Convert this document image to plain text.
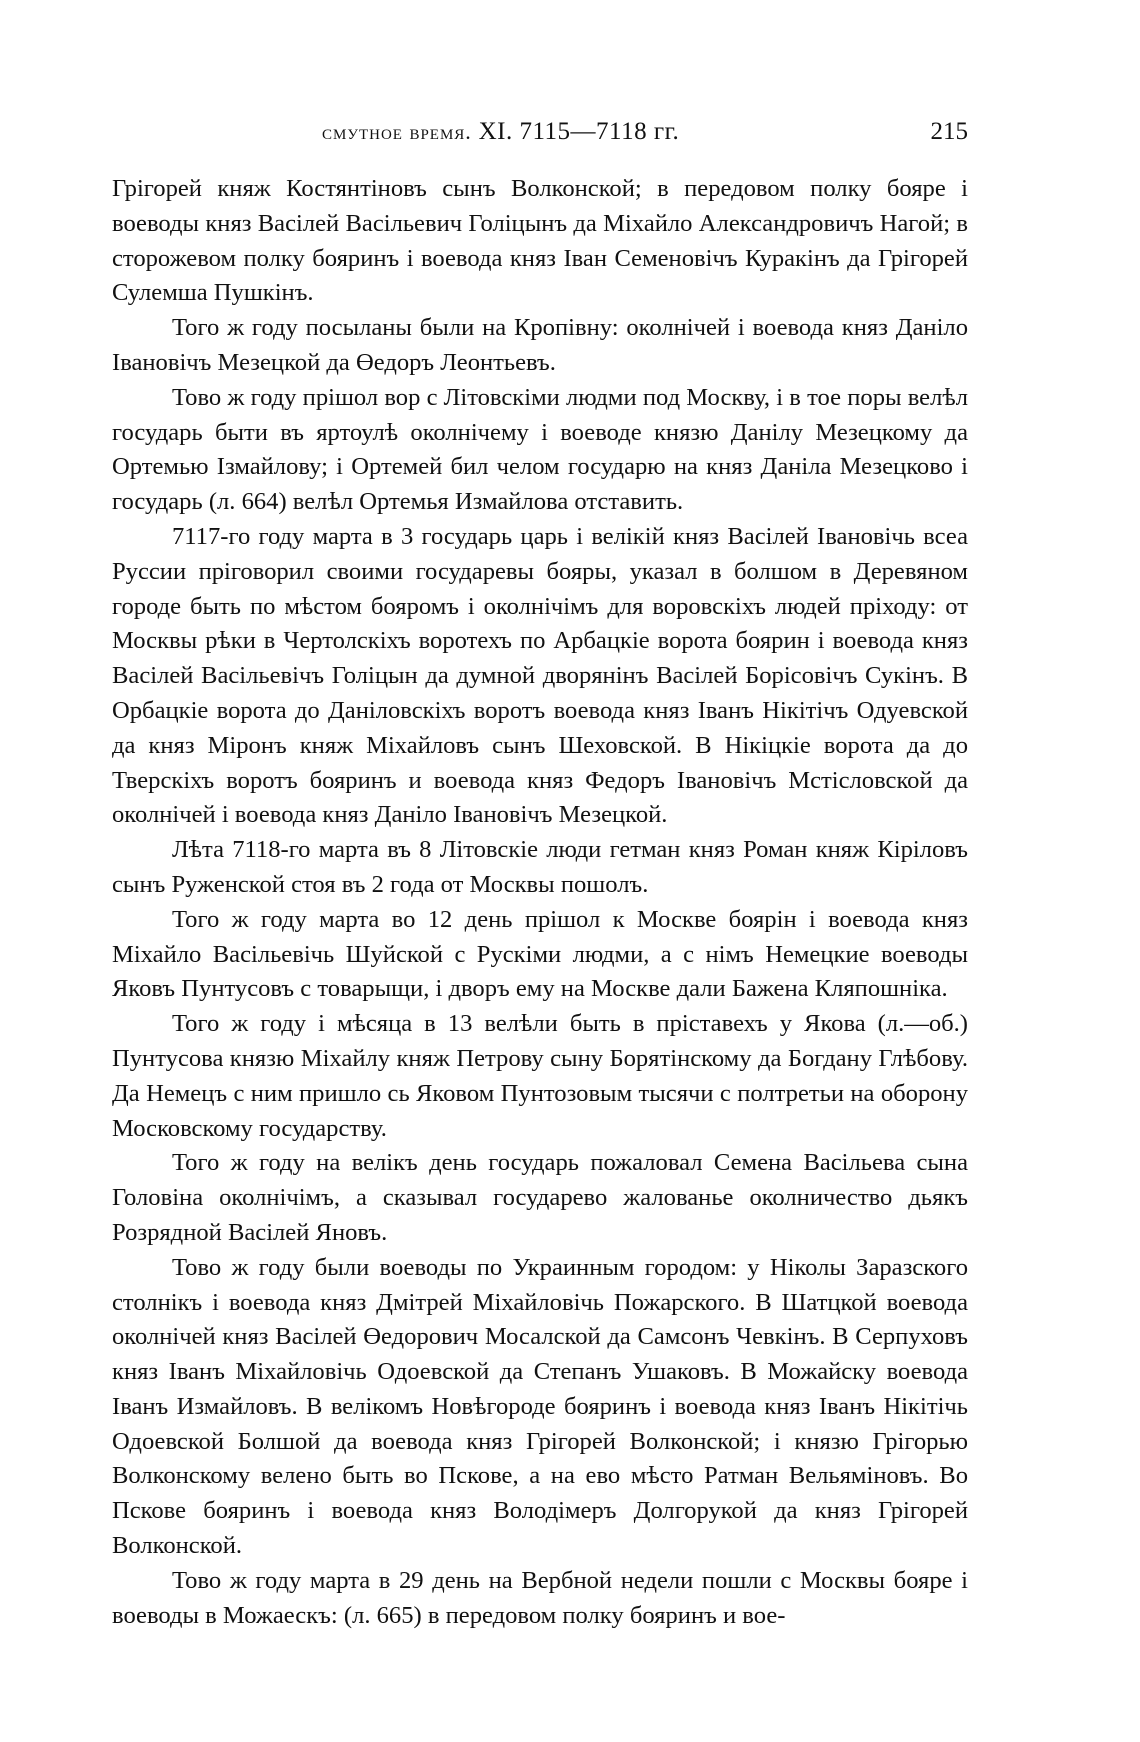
смутное время. XI. 7115—7118 гг.	215

Грігорей княж Костянтіновъ сынъ Волконской; в передовом полку бояре і воеводы княз Васілей Васільевич Голіцынъ да Міхайло Александровичъ Нагой; в сторожевом полку бояринъ і воевода княз Іван Семеновічъ Куракінъ да Грігорей Сулемша Пушкінъ.

Того ж году посыланы были на Кропівну: околнічей і воевода княз Даніло Івановічъ Мезецкой да Өедоръ Леонтьевъ.

Тово ж году прішол вор с Літовскіми людми под Москву, і в тое поры велѣл государь быти въ яртоулѣ околнічему і воеводе князю Данілу Мезецкому да Ортемью Ізмайлову; і Ортемей бил челом государю на княз Даніла Мезецково і государь (л. 664) велѣл Ортемья Измайлова отставить.

7117-го году марта в 3 государь царь і велікій княз Васілей Івановічь всеа Руссии пріговорил своими государевы бояры, указал в болшом в Деревяном городе быть по мѣстом бояромъ і околнічімъ для воровскіхъ людей пріходу: от Москвы рѣки в Чертолскіхъ воротехъ по Арбацкіе ворота боярин і воевода княз Васілей Васільевічъ Голіцын да думной дворянінъ Васілей Борісовічъ Сукінъ. В Орбацкіе ворота до Даніловскіхъ воротъ воевода княз Іванъ Нікітічъ Одуевской да княз Міронъ княж Міхайловъ сынъ Шеховской. В Нікіцкіе ворота да до Тверскіхъ воротъ бояринъ и воевода княз Федоръ Івановічъ Мстісловской да околнічей і воевода княз Даніло Івановічъ Мезецкой.

Лѣта 7118-го марта въ 8 Літовскіе люди гетман княз Роман княж Кіріловъ сынъ Руженской стоя въ 2 года от Москвы пошолъ.

Того ж году марта во 12 день прішол к Москве боярін і воевода княз Міхайло Васільевічь Шуйской с Рускіми людми, а с німъ Немецкие воеводы Яковъ Пунтусовъ с товарыщи, і дворъ ему на Москве дали Бажена Кляпошніка.

Того ж году і мѣсяца в 13 велѣли быть в пріставехъ у Якова (л.—об.) Пунтусова князю Міхайлу княж Петрову сыну Борятінскому да Богдану Глѣбову. Да Немецъ с ним пришло сь Яковом Пунтозовым тысячи с полтретьи на оборону Московскому государству.

Того ж году на велікъ день государь пожаловал Семена Васільева сына Головіна околнічімъ, а сказывал государево жалованье околничество дьякъ Розрядной Васілей Яновъ.

Тово ж году были воеводы по Украинным городом: у Ніколы Заразского столнікъ і воевода княз Дмітрей Міхайловічь Пожарского. В Шатцкой воевода околнічей княз Васілей Өедорович Мосалской да Самсонъ Чевкінъ. В Серпуховъ княз Іванъ Міхайловічь Одоевской да Степанъ Ушаковъ. В Можайску воевода Іванъ Измайловъ. В велікомъ Новѣгороде бояринъ і воевода княз Іванъ Нікітічь Одоевской Болшой да воевода княз Грігорей Волконской; і князю Грігорью Волконскому велено быть во Пскове, а на ево мѣсто Ратман Вельяміновъ. Во Пскове бояринъ і воевода княз Володімеръ Долгорукой да княз Грігорей Волконской.

Тово ж году марта в 29 день на Вербной недели пошли с Москвы бояре і воеводы в Можаескъ: (л. 665) в передовом полку бояринъ и вое-
